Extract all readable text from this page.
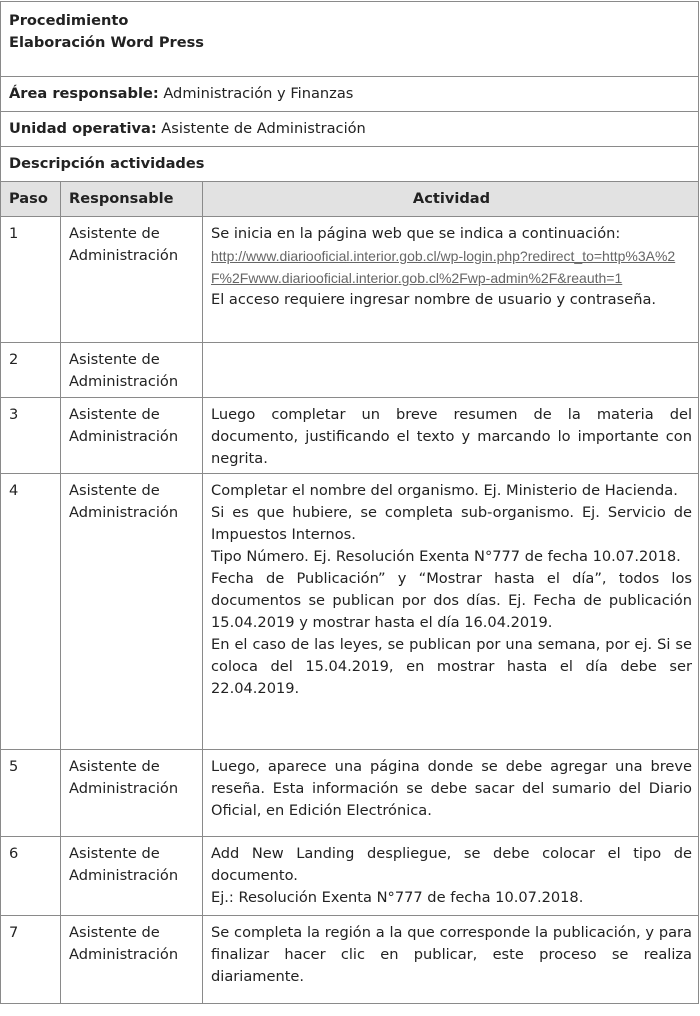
Procedimiento
Elaboración Word Press		

Área responsable: Administración y Finanzas		
Unidad operativa: Asistente de Administración		
Descripción actividades		
Paso	Responsable	Actividad
1	Asistente de Administración	Se inicia en la página web que se indica a continuación:

http://www.diariooficial.interior.gob.cl/wp-login.php?redirect_to=http%3A%2F%2Fwww.diariooficial.interior.gob.cl%2Fwp-admin%2F&reauth=1

El acceso requiere ingresar nombre de usuario y contraseña.

2	Asistente de Administración	
3	Asistente de Administración	Luego completar un breve resumen de la materia del documento, justificando el texto y marcando lo importante con negrita.

4	Asistente de Administración	Completar el nombre del organismo. Ej. Ministerio de Hacienda.

Si es que hubiere, se completa sub-organismo. Ej. Servicio de Impuestos Internos.

Tipo Número. Ej. Resolución Exenta N°777 de fecha 10.07.2018.

Fecha de Publicación” y “Mostrar hasta el día”, todos los documentos se publican por dos días. Ej. Fecha de publicación 15.04.2019 y mostrar hasta el día 16.04.2019.

En el caso de las leyes, se publican por una semana, por ej. Si se coloca del 15.04.2019, en mostrar hasta el día debe ser 22.04.2019.

5	Asistente de Administración	Luego, aparece una página donde se debe agregar una breve reseña. Esta información se debe sacar del sumario del Diario Oficial, en Edición Electrónica.

6	Asistente de Administración	Add New Landing despliegue, se debe colocar el tipo de documento.

Ej.: Resolución Exenta N°777 de fecha 10.07.2018.

7	Asistente de Administración	Se completa la región a la que corresponde la publicación, y para finalizar hacer clic en publicar, este proceso se realiza diariamente.
